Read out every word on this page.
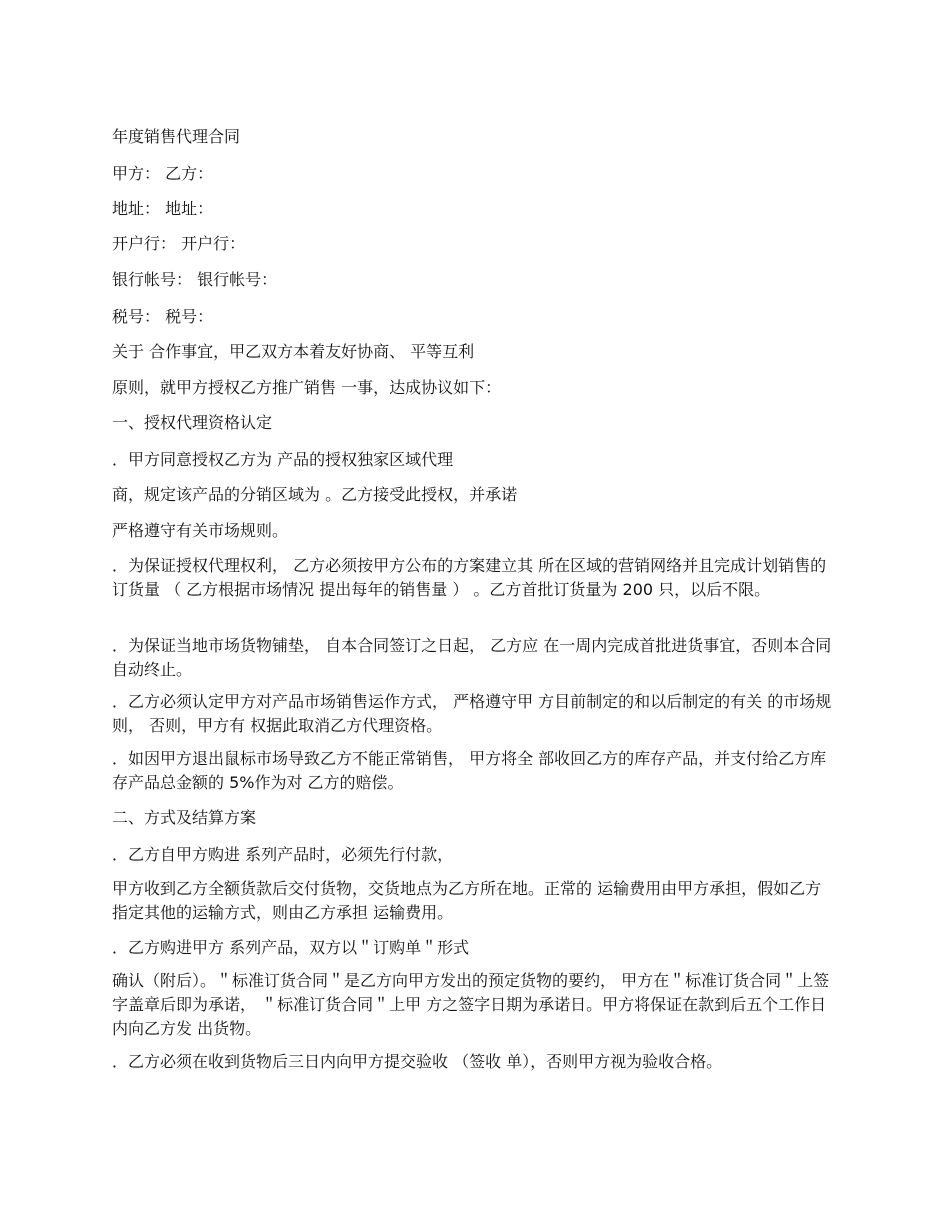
年度销售代理合同

甲方： 乙方：

地址： 地址：

开户行： 开户行：

银行帐号： 银行帐号：

税号： 税号：

关于 合作事宜，甲乙双方本着友好协商、 平等互利

原则，就甲方授权乙方推广销售 一事，达成协议如下：

一、授权代理资格认定

．甲方同意授权乙方为 产品的授权独家区域代理

商，规定该产品的分销区域为 。乙方接受此授权，并承诺

严格遵守有关市场规则。

．为保证授权代理权利， 乙方必须按甲方公布的方案建立其 所在区域的营销网络并且完成计划销售的订货量 （ 乙方根据市场情况 提出每年的销售量 ） 。乙方首批订货量为 200 只，以后不限。

．为保证当地市场货物铺垫， 自本合同签订之日起， 乙方应 在一周内完成首批进货事宜，否则本合同自动终止。

．乙方必须认定甲方对产品市场销售运作方式， 严格遵守甲 方目前制定的和以后制定的有关 的市场规则， 否则，甲方有 权据此取消乙方代理资格。

．如因甲方退出鼠标市场导致乙方不能正常销售， 甲方将全 部收回乙方的库存产品，并支付给乙方库存产品总金额的 5%作为对 乙方的赔偿。

二、方式及结算方案

．乙方自甲方购进 系列产品时，必须先行付款，

甲方收到乙方全额货款后交付货物，交货地点为乙方所在地。正常的 运输费用由甲方承担，假如乙方指定其他的运输方式，则由乙方承担 运输费用。

．乙方购进甲方 系列产品，双方以＂订购单＂形式

确认（附后）。＂标准订货合同＂是乙方向甲方发出的预定货物的要约， 甲方在＂标准订货合同＂上签字盖章后即为承诺， ＂标准订货合同＂上甲 方之签字日期为承诺日。甲方将保证在款到后五个工作日内向乙方发 出货物。

．乙方必须在收到货物后三日内向甲方提交验收 （签收 单），否则甲方视为验收合格。
